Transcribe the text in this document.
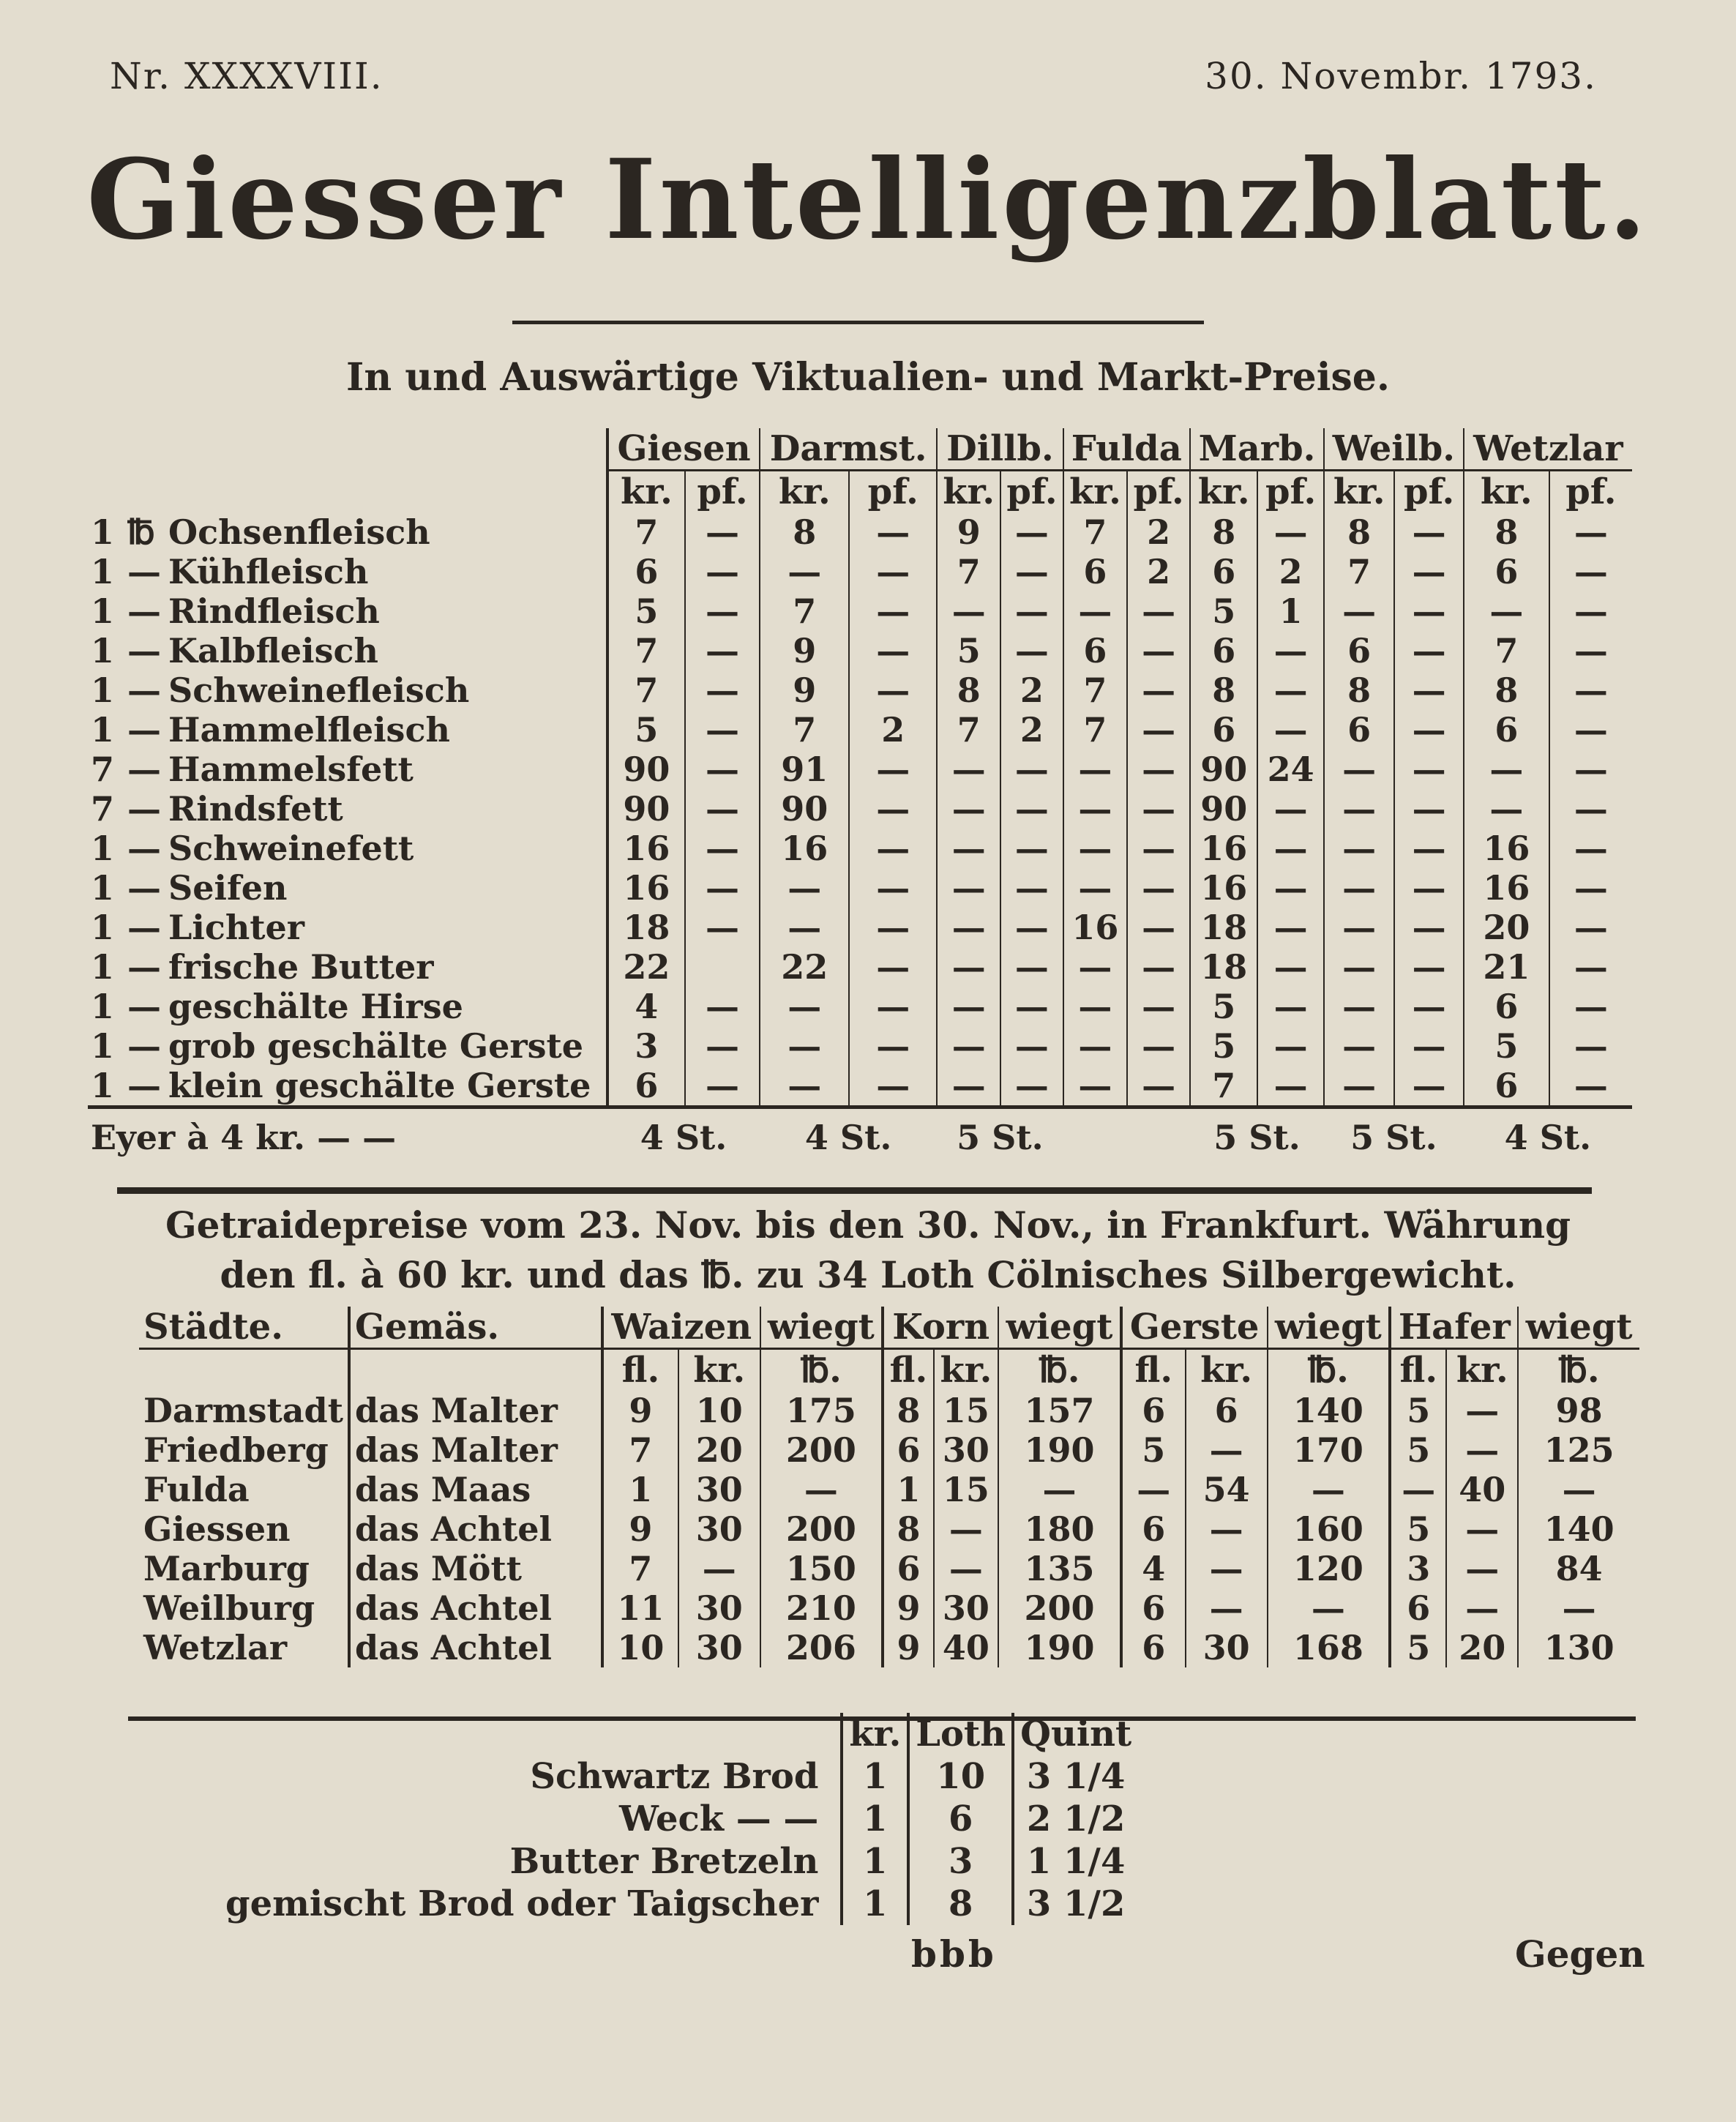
Nr. XXXXVIII.	30. Novembr. 1793.
Giesser Intelligenzblatt.
In und Auswärtige Viktualien- und Markt-Preise.
	Giesen		Darmst.		Dillb.		Fulda		Marb.		Weilb.		Wetzlar	
	kr.	pf.	kr.	pf.	kr.	pf.	kr.	pf.	kr.	pf.	kr.	pf.	kr.	pf.
1 ℔ Ochsenfleisch	7	—	8	—	9	—	7	2	8	—	8	—	8	—
1 — Kühfleisch	6	—	—	—	7	—	6	2	6	2	7	—	6	—
1 — Rindfleisch	5	—	7	—	—	—	—	—	5	1	—	—	—	—
1 — Kalbfleisch	7	—	9	—	5	—	6	—	6	—	6	—	7	—
1 — Schweinefleisch	7	—	9	—	8	2	7	—	8	—	8	—	8	—
1 — Hammelfleisch	5	—	7	2	7	2	7	—	6	—	6	—	6	—
7 — Hammelsfett	90	—	91	—	—	—	—	—	90	24	—	—	—	—
7 — Rindsfett	90	—	90	—	—	—	—	—	90	—	—	—	—	—
1 — Schweinefett	16	—	16	—	—	—	—	—	16	—	—	—	16	—
1 — Seifen	16	—	—	—	—	—	—	—	16	—	—	—	16	—
1 — Lichter	18	—	—	—	—	—	16	—	18	—	—	—	20	—
1 — frische Butter	22		22	—	—	—	—	—	18	—	—	—	21	—
1 — geschälte Hirse	4	—	—	—	—	—	—	—	5	—	—	—	6	—
1 — grob geschälte Gerste	3	—	—	—	—	—	—	—	5	—	—	—	5	—
1 — klein geschälte Gerste	6	—	—	—	—	—	—	—	7	—	—	—	6	—
Eyer à 4 kr. — —	4 St.		4 St.		5 St.				5 St.		5 St.		4 St.	
Getraidepreise vom 23. Nov. bis den 30. Nov., in Frankfurt. Währung
den fl. à 60 kr. und das ℔. zu 34 Loth Cölnisches Silbergewicht.
Städte.	Gemäs.	Waizen		wiegt	Korn		wiegt	Gerste		wiegt	Hafer		wiegt
		fl.	kr.	℔.	fl.	kr.	℔.	fl.	kr.	℔.	fl.	kr.	℔.
Darmstadt	das Malter	9	10	175	8	15	157	6	6	140	5	—	98
Friedberg	das Malter	7	20	200	6	30	190	5	—	170	5	—	125
Fulda	das Maas	1	30	—	1	15	—	—	54	—	—	40	—
Giessen	das Achtel	9	30	200	8	—	180	6	—	160	5	—	140
Marburg	das Mött	7	—	150	6	—	135	4	—	120	3	—	84
Weilburg	das Achtel	11	30	210	9	30	200	6	—	—	6	—	—
Wetzlar	das Achtel	10	30	206	9	40	190	6	30	168	5	20	130
	kr.	Loth	Quint
Schwartz Brod	1	10	3 1/4
Weck — —	1	6	2 1/2
Butter Bretzeln	1	3	1 1/4
gemischt Brod oder Taigscher	1	8	3 1/2
bbb	Gegen
